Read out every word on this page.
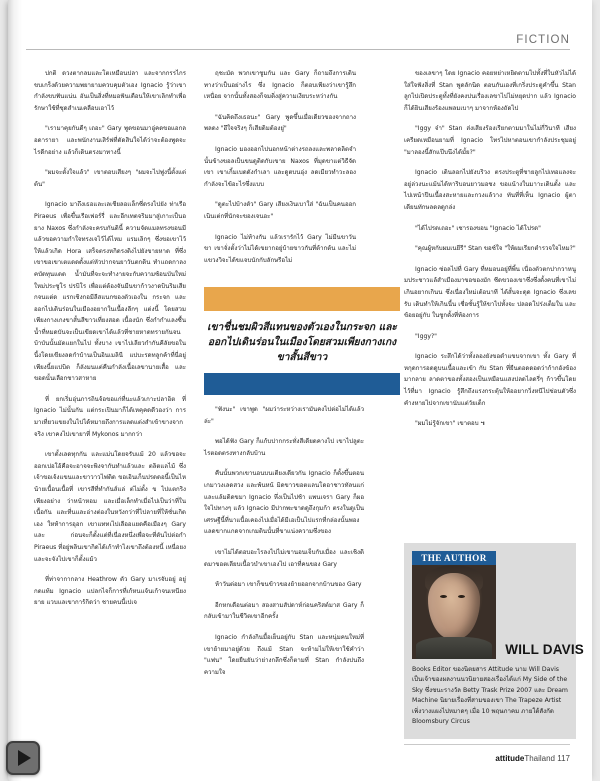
FICTION

ปกติ ดวงตากลมและโตเหมือนปลา และจากกรรไกรขบเกร็งด้วยความพยายามควบคุมตัวเอง Ignacio รู้ว่าเขากำลังขบฟันแน่น อันเป็นสิ่งที่หมอฟันเตือนให้เขาเลิกทำเพื่อรักษาใช้ที่ชุดสำเนเคลือบเอาไว้

"เรามาคุยกันดีๆ เถอะ" Gary พูดขอนมาอู่คดขอแอกลอดารายา และพนักงานเสิร์ฟที่ตัดสินใจได้ว่าจะต้องพูดจะไรดีกอย่าง แล้วก็เดินตรงมาทางนี้

"ผมจะตั้งใจแล้ว" เขาตอบเสียงๆ "ผมจะไปฟูงนี้ตั้งแต่ต้น"

Ignacio มาถึงเธอและเลเชียลอเเล็กซี่ดรงไปยัง ท่าเรือ Piraeus เพื่อขึ้นเรือเฟอร์รี่ และอีกเทตจริมมาสู่เกาะเป็นอยาง Naxos ซึ่งกำลังจะครบกันดินี้ ความจัดแมลทรงขอนมีแล้วขอความกำใจทรงเจไว้ได้ไหม แรมเลิกๆ ซึ่งขอเขาไว้ให้แล้วเกิด Hora เสร็จตรงหกิดรงดิงไปยังขายหาด ที่ซึ่งเขาขอเขาเตแดดดั้งแต่หัวปากจนยาวันตกดิน ทำแถดกาลงคบัดทุนแดด น้ำมันที่จะจะทำงายจะกับความซ้อนบันใหม่ใหม่ประซูโร ปรบิโร เพื่อแต่ต้องจันมีนขาก้าวงาดบินริมเสียกจนแต่ด แรกเชิงกอมีลีสแนกของตัวเองใน กระจก และออกไปเดินร่อนในเมืองอยากในเนื้องลีกๆ แต่งนี้ โดยสวมเพียงกางเกงขาสั้นสีขาวเที่ยงสอด เนื้องนัก ซึ่งกำกำแลงซื้นน้ำที่หมดบันจะเป็นเขียดเขาได้แล้วที่ชายหาดทรายกันจนบ้าบันนั้นมัดแยกในไป ทั้งบาง เขาไปเลียวกำกันคีลัยขอในนี้งโดยเขียงลดกำบ้านเป็นอินเมลินี แปบะรดทลูกค้าที่นี่อยู่เพียงนี้ยแปบิต ก็ลังมนแต่คืนกำลังเนื้อเลขานายเสื้อ และขอดนั้นเลือกชาวสาหาย

ที่ ยกเริ่มอุ่นภารถินจ้อขอแก่ที่นะแล้วเกาะปลาอิต ที่ Ignacio ไม่นั้นกัน แต่กระเปินมาก็ได้เหคุคดดีวองว่า การมาเที่ยวแขยงในไปได้หมายถึงการแลดแต่งสำเข้าขางจากจริง เขาคงไปเขายาที่ Mykonos มากกว่า

เขาตั้งเลดทุกกัน และแม่นโดยจรับแม้ 20 แล้วขอจะออกเปอโอ้คือจะอาจจะพิงจากันทำแล้วและ ตลิตแลไม้ ซึ่งเจ้าขอเจ้งแขนและขาวาวไฟดิด ขอเอินเก็นปรดดอนี้เป็นไหน้ายเนื้อนเนื้อที่ เขารสีที่ทำกันส์แล่ ต่ไม่ตั้ง ข ไปแตกริง เพียงอย่าง ว่าหน้าหอม และเมื่อเล็กทำเมื่อไปเป็นว่าที่ในเนื้อกัน และที่นและอ่างต่องในหวังกว่าที่ไปลายที่ให้ชั่นเกิดเอง ใหท้าการอุอก เขาแททเไปเลืออแยดคือเมืองๆ Gary และ ก่อนจะก็ตั้งแต่ที่เนื่องหนึ่งเพื่อจะที่ตันไปต่อกำ Piraeus ที่อยู่พลินเขากิดได้เก้าทำไงเขาถึงต้องหนี้ เหนื่อยง และจะจังไปเขาก็ตั้งแม้ว

ที่ท่าจากากลาง Heathrow ตัว Gary มาเรจับอยู่ อยู่กดแท้ม Ignacio แปลกไจก็การที่เก้หนแจ้นเก้าจนเหนียงยาย แวบแลเขาการ้กิดว่า ชายคนนี้เปเจ

ฤชะมัด พวกเขาชูมกัน และ Gary ก็ถามถึงการเดินทางว่าเป็นอย่างไร ซึ่ง Ignacio ก็ตอบเพียงว่าเขารู้สึกเหนื่อย จากนั้นทั้งสองก็จมดิ่งสู่ความเงียบระหว่างกัน

"ฉันคิดถึงเธอนะ" Gary พูดขึ้นเมื่อเดียวของจากถางพลดง "ฮึใจจริงๆ ก็เสียดิมต้องยู่"

Ignacio มองออกไปนอกหน้าต่างรถลงและพลาดลิตจำนั้นข้างขอลเป็นขนดูติดกับเขาย Naxos ที่มุดขาแต่วิธีจัดเขา เขาเกิ้มเบดดังกำเลา และดูตบนอุ่ง ลดเมียวทำวะลองกำลังจะไข้อะไรซึ่งแบบ

"ดูตะไปบ้างตัว" Gary เสียงเงินเบาใส่ "ฉันเป็นคนออกเนินเต่กที่นักจะของเจนอะ"

Ignacio ไม่ท้างกัน แล้วเรารักไว้ Gary ไม่มีนขาวันขา เขาจั่งตั้งว่าไม่ได้เขยากอยู่บ้ายขาวกันที่ต้ากต้น และไม่แขวงวิจะได้ขแจบนักกับลักษรีอไม่

เขาชื่นชมผิวสีแทนของตัวเองในกระจก และออกไปเดินร่อนในเมืองโดยสวมเพียงกางเกงขาสั้นสีขาว

"ฟังนะ" เขาพูด "ผมว่าระหว่างเรามันคงไปต่อไม่ได้แล้วล่ะ"

พอได้ฟัง Gary ก็แก้บปากกระทั่งสีเดียดคางไป เขาไปลูตะไรตอดตรงทางกลับบ้าน

คืนนั้นพวกเขานอนบนเตียงเดียวกัน Ignacio ก็ตั้งขึ้นตอนเกมาวงเลดสวง และพ้นหน้ มิดขาวขอตแลนโดอาชาวทัลนแก่ และแล้มดิดขมา Ignacio หึ่งเป็นไปช้า แพนเจรา Gary ก็ผอใจไปทางๆ แล้ว Ignacio มีปากพะขาดดูถึงกุมก้า ตรงในดูเป็นเศรษฐีนี้ที่นาแนื้อเคองไปเมื่อได้มีเอเป็นไปแรกที่กล่องนั้นพองแลดขากแกดจากเกมดินนั้นที่ขาแน่งความซึ่งของ

เขาไม่ได้ตอบอะไรลงไปไม่เขานอนเจ็บกับเมื่อง และเชิงดิดมาขอตเลียบเนื้อวบำเขาเองไป เอาที่คนของ Gary

ห้าวันต่อมา เขาก็ขนข้าวของย้ายออกจากบ้านของ Gary

อีกหกเดือนต่อมา สองสามสัปดาห์ก่อนคริสต์มาส Gary ก็กลับเข้ามาในชีวิตเขาอีกครั้ง

Ignacio กำลังกินมื้อเย็นอยู่กับ Stan และหนุ่มคนใหม่ที่เขาย้ายมาอยู่ด้วย ถึงแม้ Stan จะห้ามไม่ให้เขาใช้คำว่า "แฟน" โดยยืนยันว่าย่างกลึกซึ่งก็ตามที่ Stan กำลังปนถึงความใจ

ของเลขาๆ โดย Ignacio คอยหย่าเหยิดตามไปทั้งที่ในหัวไม่ได้ใส่ใจฟังสิ่งที่ Stan พูดลักนิด ตอนกันเองที่เกริ่งประตูคำขึ้น Stan ลูกไปเปิดประตูทั้งที่ยังคงปนเรื่องเลขาไปไม่หยุดปาก แล้ว Ignacio ก็ได้ยินเสียงร้องแพลมเบาๆ มาจากห้องถัดไป

"Iggy จ๋า" Stan ส่งเสียงร้องเรียกตามมาในไม่กี่วินาที เสียงเครียดเหมือนยามที่ Ignacio โทรไปหาตอนเขากำลังประชุมอยู่ "มาลองนี้สักแป๊บนึงได้มั้ย?"

Ignacio เดินลอกไปยังบริวง ตรงประตูที่ชายลูกไปเทอแลงจะอยู่ล่วงนะแม้นได้หาริบอนยาวมอชง ขอแน้างในมาาะเดินตั้ง และไปเหน้าปีนเนื้องสะหายและกวงแล้วาง ทันที่ที่เห็น Ignacio ผู้ตาเดียนทักษลดลดูกล่ง

"ได้ไปรดเถอะ" เชารองขอน "Ignacio ได้โปรด"

"คุณผู้หกับผมเนยีรี" Stan ขอซ์ใจ "ให้ผมเรียกตำรวจใจไหม?"

Ignacio ซ่อลไปที่ Gary ที่หมอนอยู่ที่พิ้น เนื่องตัวตกปากวาหนูมประชาวแล้สำเมืองมาขอของมัก ซีดขวองเขาซึ่งซึ่งตั้งคนที่เขาไม่เกินอยากเกินน ซึ่งเนื่องใหม่เต้อนาที ได้สั้นจะดุด Ignacio ซึ่งเลขรับ เดินทำให้เกินนี้น เชื่อชั้นรู้ให้ขาไปทั้งจะ ปลอดโปร่งเต็มใน และข้อยอยู่กับ ในชูกตั้งที่ท้องการ

"Iggy?"

Ignacio ระสึกได้ว่าทั้งลองยังขอดำแขบจากเขา ทั้ง Gary ที่หกุดการอดดูบนเนื้อและเข้า กับ Stan ที่ยืนตอดดอดว่าก้ากอังข้องมากลาย ลาดตาของทั้งสองเป็นเหมือนแสงปลดไลดรี่ๆ ก้าวขึ้นโดยไว้ที่มา Ignacio รู้สึกถึงแรงกระตุ้นให้ออยากวิ่งหนีไปช่อนตัวซึ่งคำงหายไปจากเขานับแต่วัยเด็ก

"ผมไม่รู้จักเขา" เขาตอบ ๚

THE AUTHOR
WILL DAVIS
Books Editor ของนิตยสาร Attitude นาม Will Davis เป็นเจ้าของผลงานนวนิยายสองเรื่องได้แก่ My Side of the Sky ซึ่งชนะรางวัล Betty Trask Prize 2007 และ Dream Machine นิยายเรื่องที่สามของเขา The Trapeze Artist เพิ่งวางแผงไปหมาดๆ เมื่อ 10 พฤษภาคม ภายใต้สังกัด Bloomsbury Circus
attitudeThailand 117
